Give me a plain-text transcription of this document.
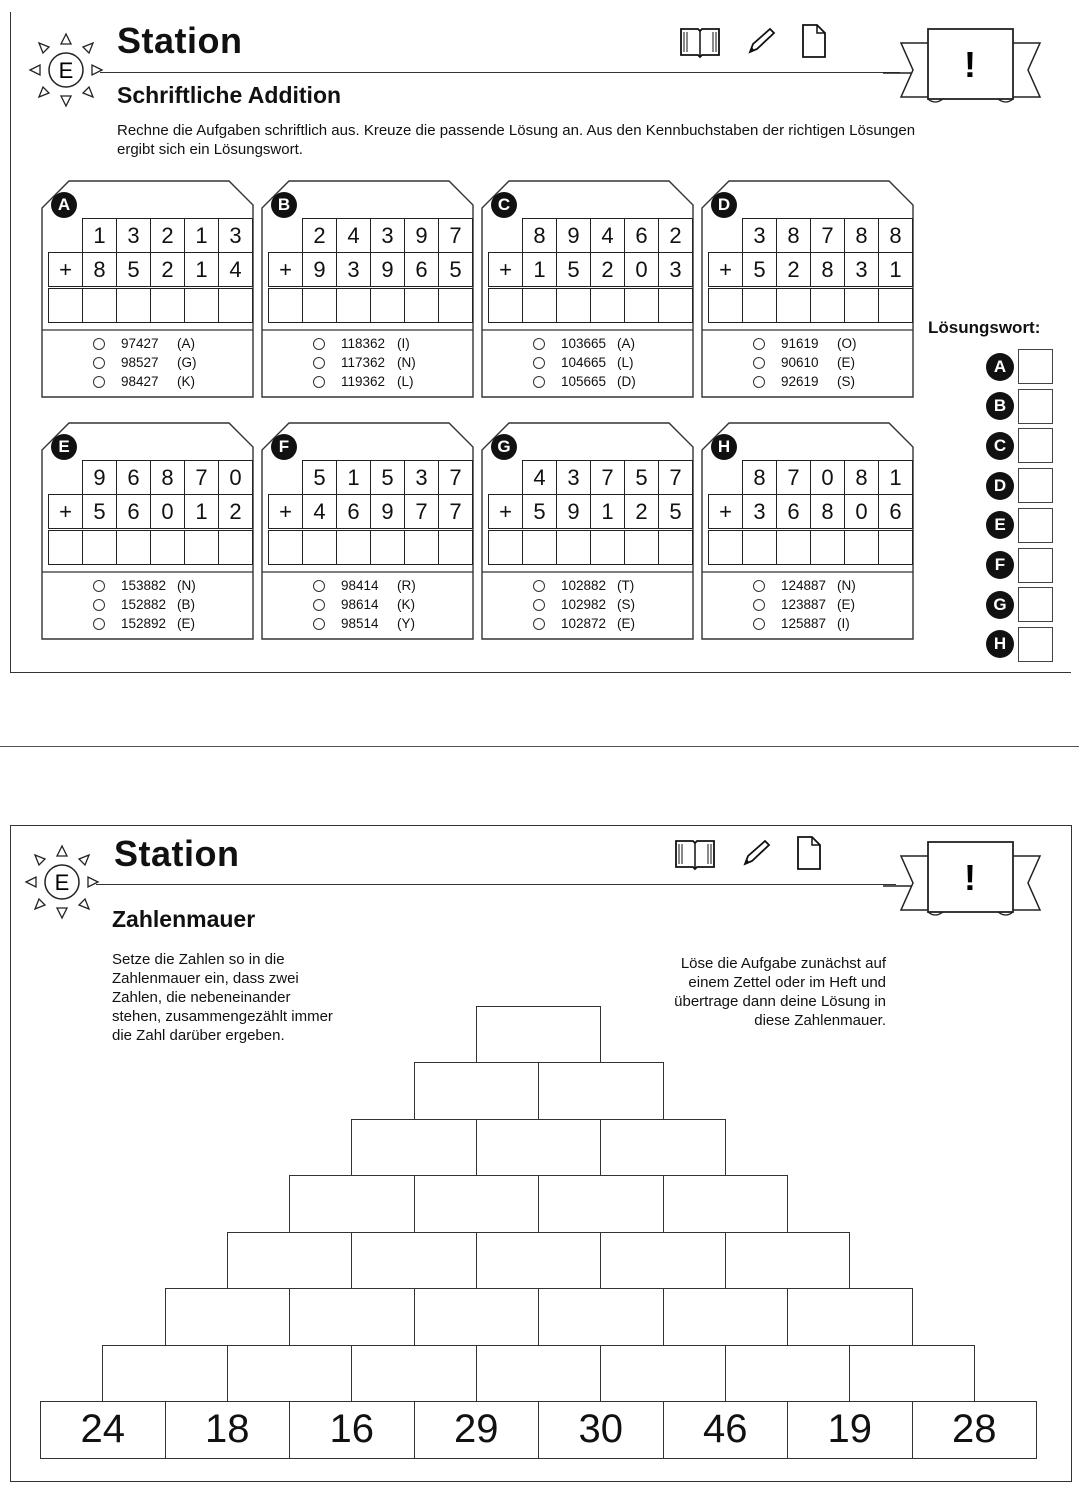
E
Station
Schriftliche Addition
!
Rechne die Aufgaben schriftlich aus. Kreuze die passende Lösung an. Aus den Kennbuchstaben der richtigen Lösungen ergibt sich ein Lösungswort.
A
	1	3	2	1	3
+	8	5	2	1	4

97427	(A)
98527	(G)
98427	(K)
B
	2	4	3	9	7
+	9	3	9	6	5

118362 (I)
117362 (N)
119362 (L)
C
	8	9	4	6	2
+	1	5	2	0	3

103665 (A)
104665 (L)
105665 (D)
D
	3	8	7	8	8
+	5	2	8	3	1

91619	(O)
90610	(E)
92619	(S)
E
	9	6	8	7	0
+	5	6	0	1	2

153882 (N)
152882 (B)
152892 (E)
F
	5	1	5	3	7
+	4	6	9	7	7

98414	(R)
98614	(K)
98514	(Y)
G
	4	3	7	5	7
+	5	9	1	2	5

102882 (T)
102982 (S)
102872 (E)
H
	8	7	0	8	1
+	3	6	8	0	6

124887 (N)
123887 (E)
125887 (I)
Lösungswort:
A
B
C
D
E
F
G
H
E
Station
Zahlenmauer
!
Setze die Zahlen so in die Zahlenmauer ein, dass zwei Zahlen, die nebeneinander stehen, zusammengezählt immer die Zahl darüber ergeben.
Löse die Aufgabe zunächst auf einem Zettel oder im Heft und übertrage dann deine Lösung in diese Zahlenmauer.
24	18	16	29	30	46	19	28
